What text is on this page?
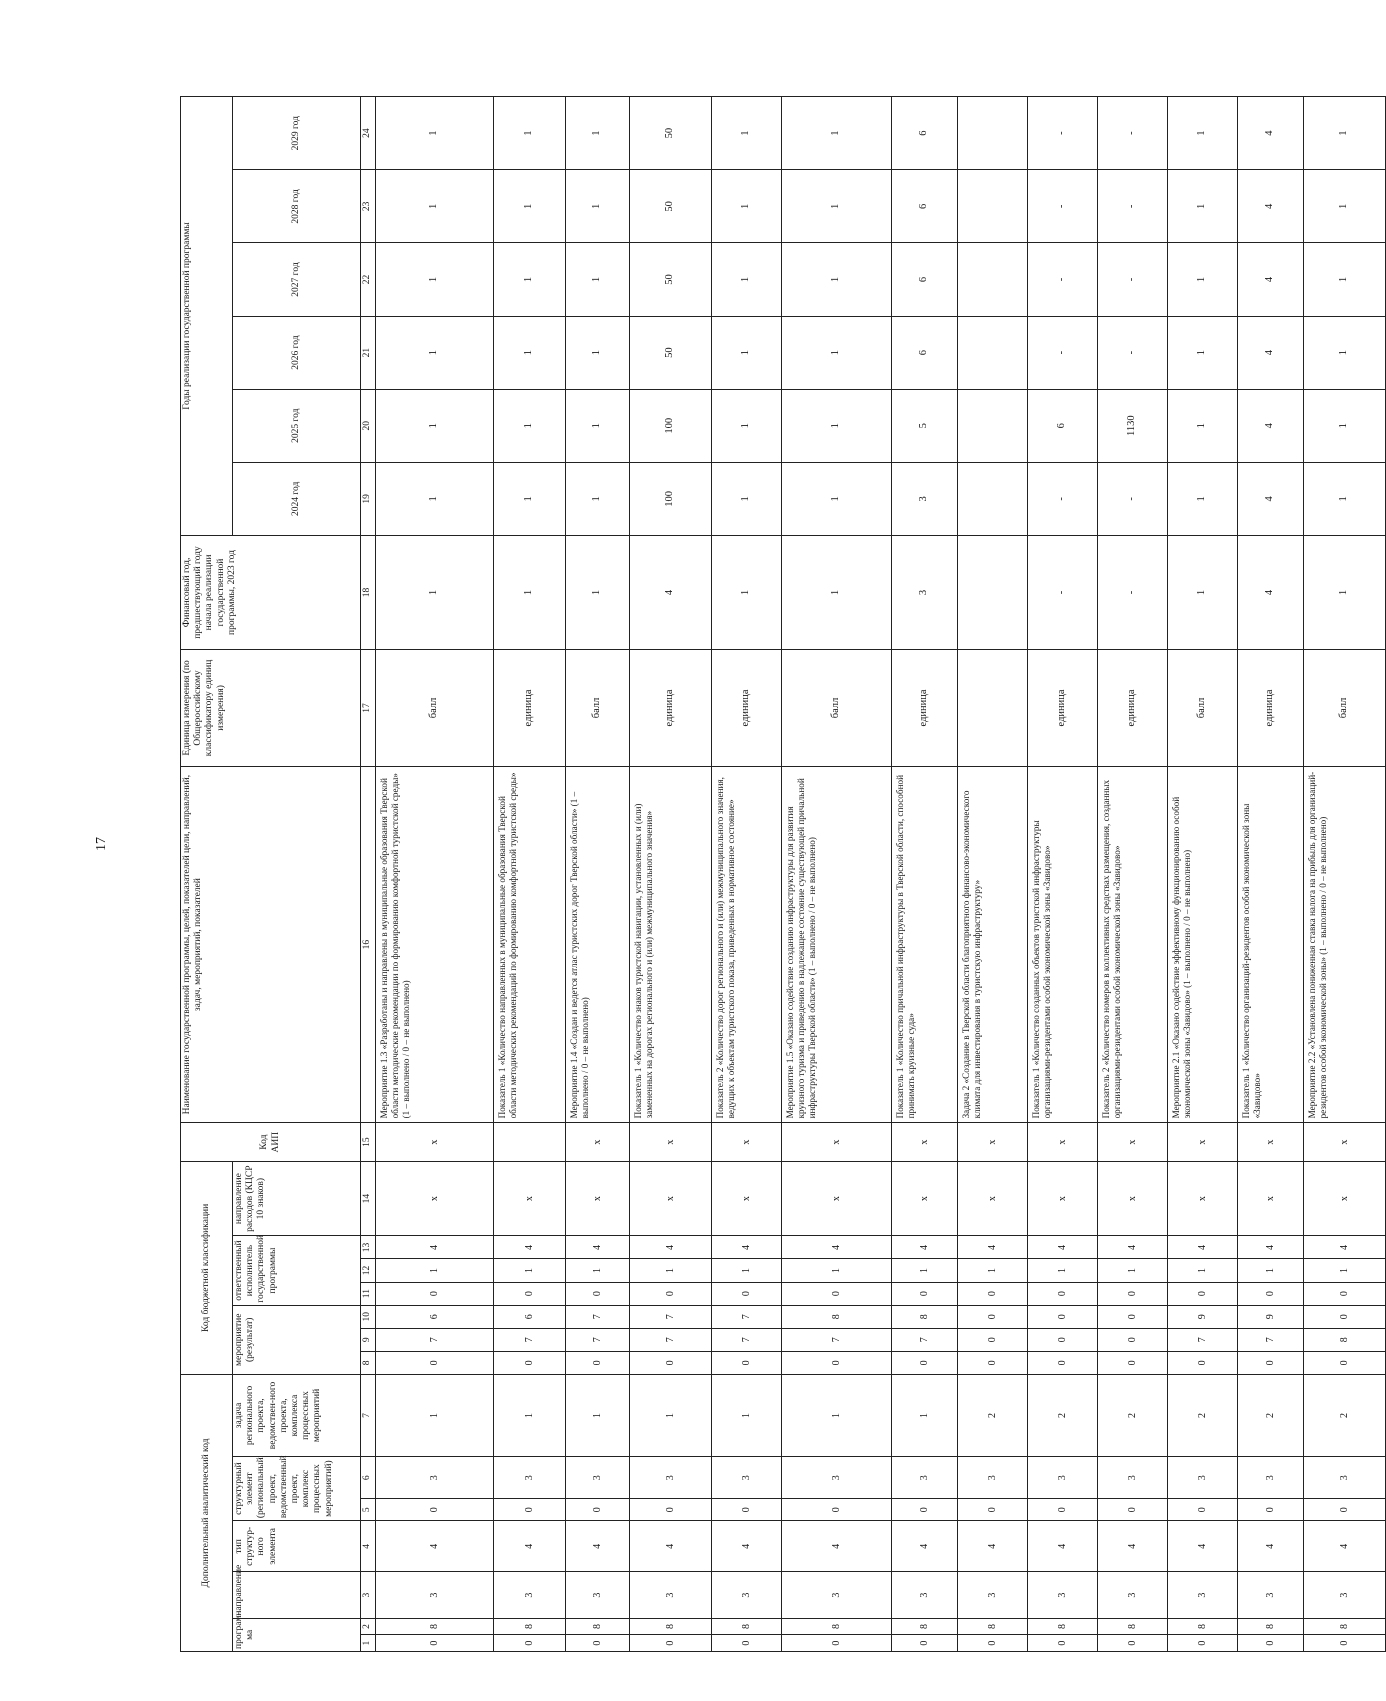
17
Дополнительный аналитический код							Код бюджетной классификации							Код АИП	Наименование государственной программы, целей, показателей цели, направлений, задач, мероприятий, показателей	Единица измерения (по Общероссийскому классификатору единиц измерения)	Финансовый год, предшествующий году начала реализации государственной программы, 2023 год	Годы реализации государственной программы					
програм-ма		направление	тип структур-ного элемента	структурный элемент (региональный проект, ведомственный проект, комплекс процессных мероприятий)		задача регионального проекта, ведомствен-ного проекта, комплекса процессных мероприятий	мероприятие (результат)			ответственный исполнитель государственной программы			направление расходов (КЦСР 10 знаков)					2024 год	2025 год	2026 год	2027 год	2028 год	2029 год

1	2	3	4	5	6	7	8	9	10	11	12	13	14	15	16	17	18	19	20	21	22	23	24
0	8	3	4	0	3	1	0	7	6	0	1	4	x	x	Мероприятие 1.3 «Разработаны и направлены в муниципальные образования Тверской области методические рекомендации по формированию комфортной туристской среды» (1 – выполнено / 0 – не выполнено)	балл	1	1	1	1	1	1	1
0	8	3	4	0	3	1	0	7	6	0	1	4	x		Показатель 1 «Количество направленных в муниципальные образования Тверской области методических рекомендаций по формированию комфортной туристской среды»	единица	1	1	1	1	1	1	1
0	8	3	4	0	3	1	0	7	7	0	1	4	x	x	Мероприятие 1.4 «Создан и ведется атлас туристских дорог Тверской области» (1 – выполнено / 0 – не выполнено)	балл	1	1	1	1	1	1	1
0	8	3	4	0	3	1	0	7	7	0	1	4	x	x	Показатель 1 «Количество знаков туристской навигации, установленных и (или) замененных на дорогах регионального и (или) межмуниципального значения»	единица	4	100	100	50	50	50	50
0	8	3	4	0	3	1	0	7	7	0	1	4	x	x	Показатель 2 «Количество дорог регионального и (или) межмуниципального значения, ведущих к объектам туристского показа, приведенных в нормативное состояние»	единица	1	1	1	1	1	1	1
0	8	3	4	0	3	1	0	7	8	0	1	4	x	x	Мероприятие 1.5 «Оказано содействие созданию инфраструктуры для развития круизного туризма и приведению в надлежащее состояние существующей причальной инфраструктуры Тверской области» (1 – выполнено / 0 – не выполнено)	балл	1	1	1	1	1	1	1
0	8	3	4	0	3	1	0	7	8	0	1	4	x	x	Показатель 1 «Количество причальной инфраструктуры в Тверской области, способной принимать круизные суда»	единица	3	3	5	6	6	6	6
0	8	3	4	0	3	2	0	0	0	0	1	4	x	x	Задача 2 «Создание в Тверской области благоприятного финансово-экономического климата для инвестирования в туристскую инфраструктуру»								
0	8	3	4	0	3	2	0	0	0	0	1	4	x	x	Показатель 1 «Количество созданных объектов туристской инфраструктуры организациями-резидентами особой экономической зоны «Завидово»	единица	-	-	6	-	-	-	-
0	8	3	4	0	3	2	0	0	0	0	1	4	x	x	Показатель 2 «Количество номеров в коллективных средствах размещения, созданных организациями-резидентами особой экономической зоны «Завидово»	единица	-	-	1130	-	-	-	-
0	8	3	4	0	3	2	0	7	9	0	1	4	x	x	Мероприятие 2.1 «Оказано содействие эффективному функционированию особой экономической зоны «Завидово» (1 – выполнено / 0 – не выполнено)	балл	1	1	1	1	1	1	1
0	8	3	4	0	3	2	0	7	9	0	1	4	x	x	Показатель 1 «Количество организаций-резидентов особой экономической зоны «Завидово»	единица	4	4	4	4	4	4	4
0	8	3	4	0	3	2	0	8	0	0	1	4	x	x	Мероприятие 2.2 «Установлена пониженная ставка налога на прибыль для организаций-резидентов особой экономической зоны» (1 – выполнено / 0 – не выполнено)	балл	1	1	1	1	1	1	1
